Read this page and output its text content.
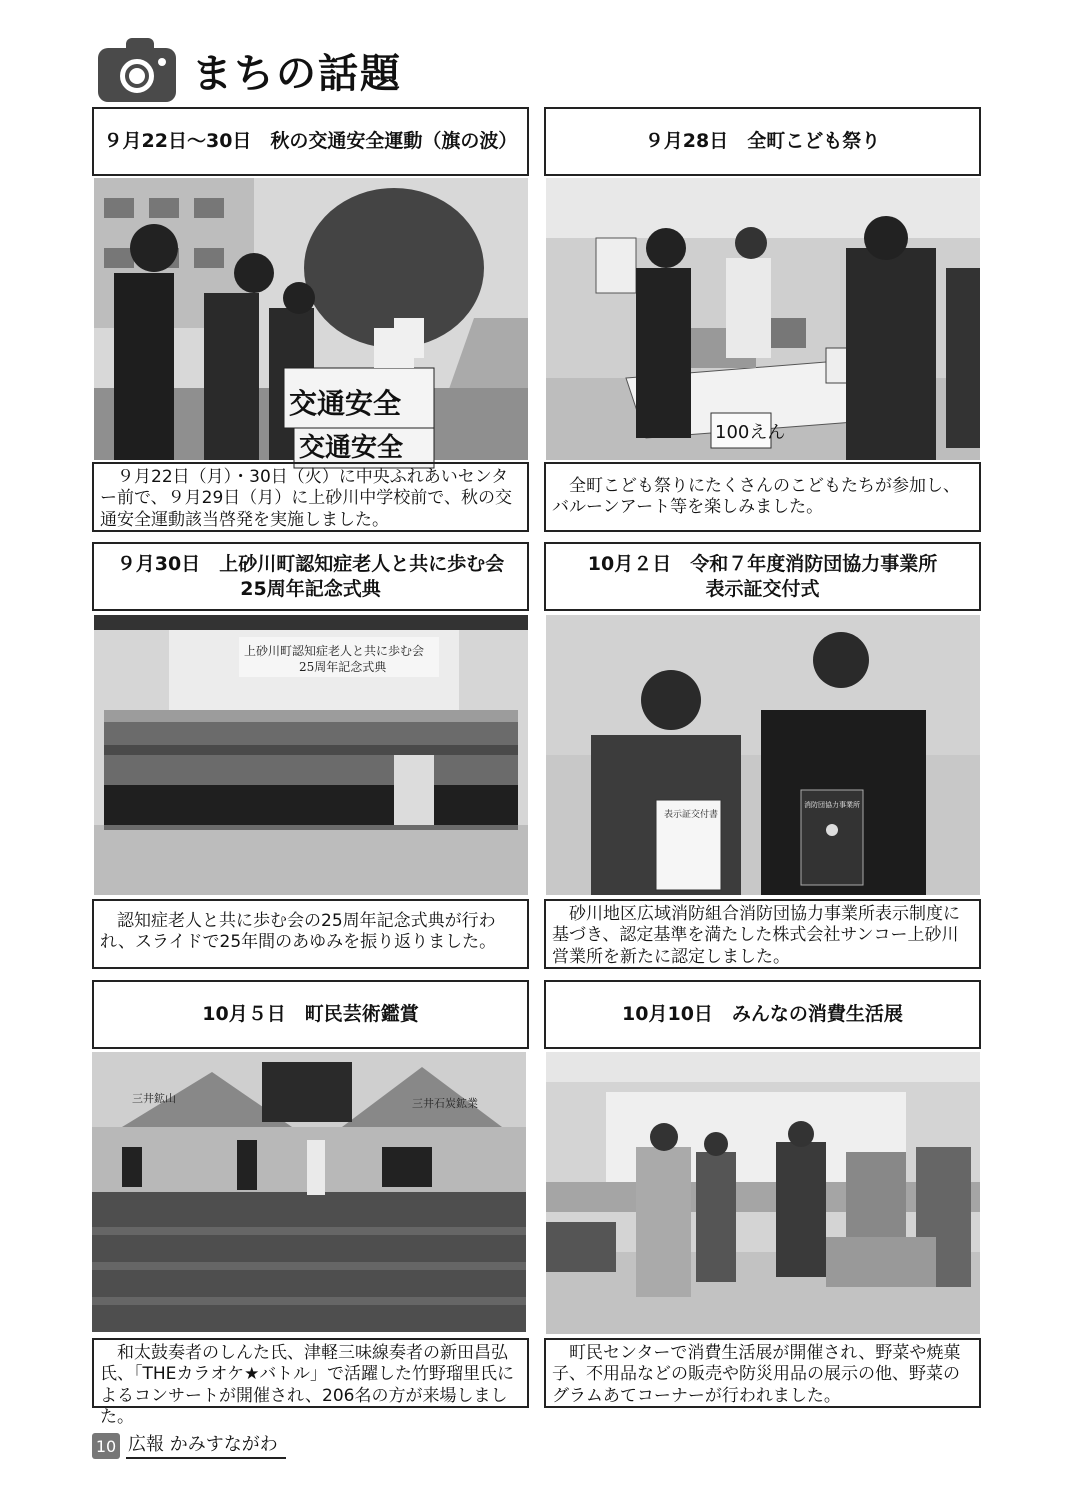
まちの話題
９月22日～30日　秋の交通安全運動（旗の波）
交通安全
交通安全
９月22日（月）・30日（火）に中央ふれあいセンター前で、９月29日（月）に上砂川中学校前で、秋の交通安全運動該当啓発を実施しました。
９月28日　全町こども祭り
100えん
全町こども祭りにたくさんのこどもたちが参加し、バルーンアート等を楽しみました。
９月30日　上砂川町認知症老人と共に歩む会
25周年記念式典
上砂川町認知症老人と共に歩む会
25周年記念式典
認知症老人と共に歩む会の25周年記念式典が行われ、スライドで25年間のあゆみを振り返りました。
10月２日　令和７年度消防団協力事業所
表示証交付式
表示証交付書
消防団協力事業所
砂川地区広域消防組合消防団協力事業所表示制度に基づき、認定基準を満たした株式会社サンコー上砂川営業所を新たに認定しました。
10月５日　町民芸術鑑賞
三井鉱山	三井石炭鉱業
和太鼓奏者のしんた氏、津軽三味線奏者の新田昌弘氏、「THEカラオケ★バトル」で活躍した竹野瑠里氏によるコンサートが開催され、206名の方が来場しました。
10月10日　みんなの消費生活展
町民センターで消費生活展が開催され、野菜や焼菓子、不用品などの販売や防災用品の展示の他、野菜のグラムあてコーナーが行われました。
10 広報 かみすながわ
